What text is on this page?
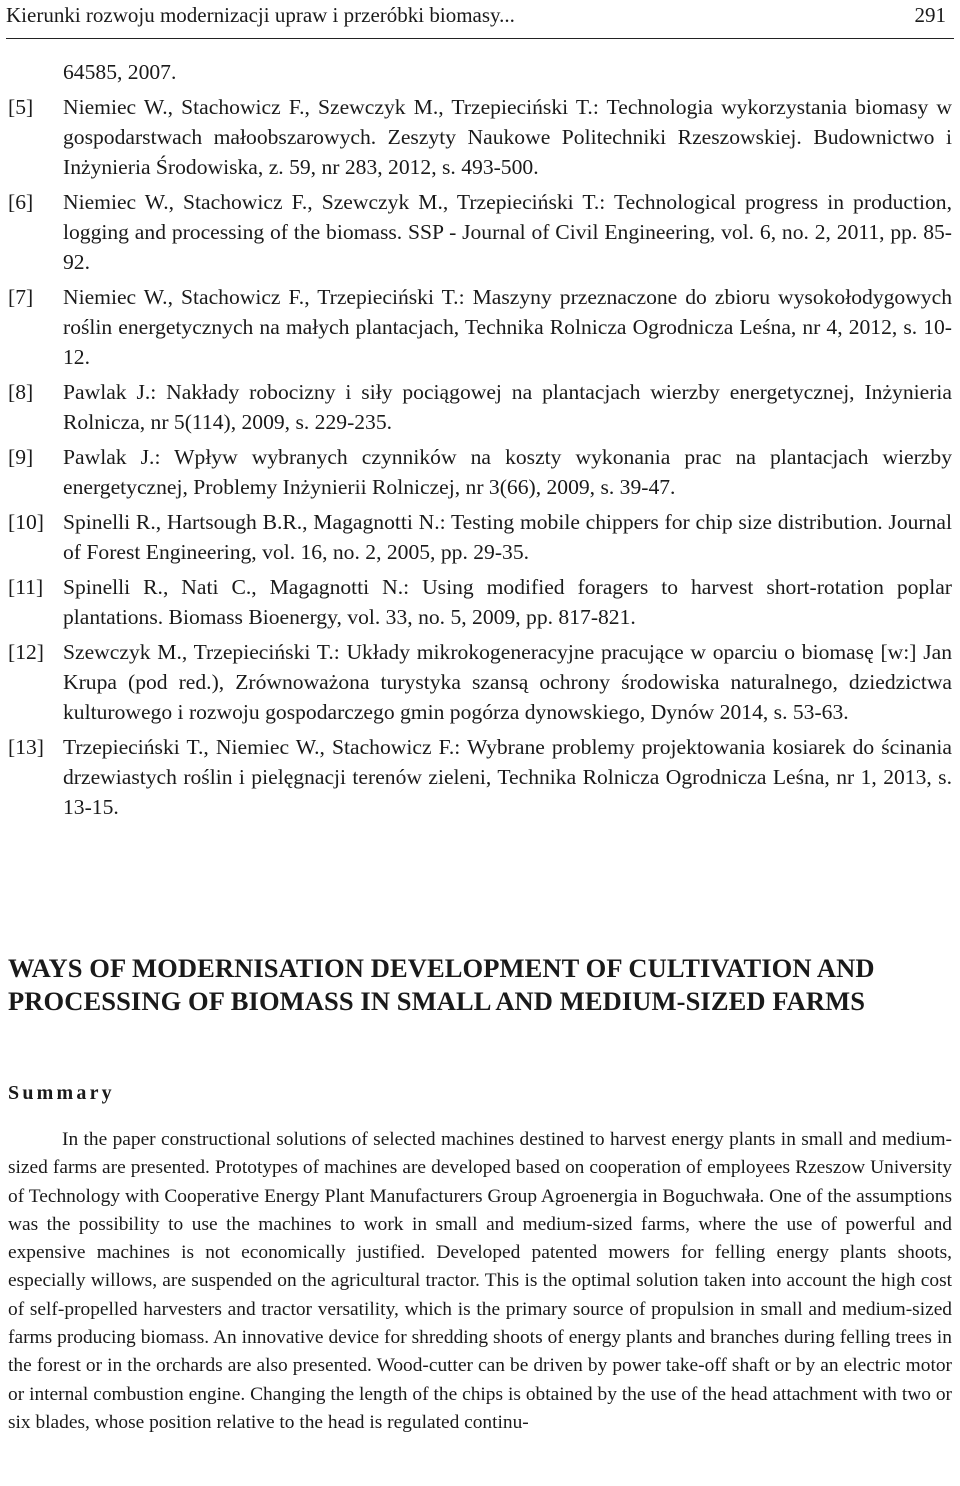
Kierunki rozwoju modernizacji upraw i przeróbki biomasy...	291
64585, 2007.
[5] Niemiec W., Stachowicz F., Szewczyk M., Trzepieciński T.: Technologia wykorzystania biomasy w gospodarstwach małoobszarowych. Zeszyty Naukowe Politechniki Rzeszowskiej. Budownictwo i Inżynieria Środowiska, z. 59, nr 283, 2012, s. 493-500.
[6] Niemiec W., Stachowicz F., Szewczyk M., Trzepieciński T.: Technological progress in production, logging and processing of the biomass. SSP - Journal of Civil Engineering, vol. 6, no. 2, 2011, pp. 85-92.
[7] Niemiec W., Stachowicz F., Trzepieciński T.: Maszyny przeznaczone do zbioru wysokołodygowych roślin energetycznych na małych plantacjach, Technika Rolnicza Ogrodnicza Leśna, nr 4, 2012, s. 10-12.
[8] Pawlak J.: Nakłady robocizny i siły pociągowej na plantacjach wierzby energetycznej, Inżynieria Rolnicza, nr 5(114), 2009, s. 229-235.
[9] Pawlak J.: Wpływ wybranych czynników na koszty wykonania prac na plantacjach wierzby energetycznej, Problemy Inżynierii Rolniczej, nr 3(66), 2009, s. 39-47.
[10] Spinelli R., Hartsough B.R., Magagnotti N.: Testing mobile chippers for chip size distribution. Journal of Forest Engineering, vol. 16, no. 2, 2005, pp. 29-35.
[11] Spinelli R., Nati C., Magagnotti N.: Using modified foragers to harvest short-rotation poplar plantations. Biomass Bioenergy, vol. 33, no. 5, 2009, pp. 817-821.
[12] Szewczyk M., Trzepieciński T.: Układy mikrokogeneracyjne pracujące w oparciu o biomasę [w:] Jan Krupa (pod red.), Zrównoważona turystyka szansą ochrony środowiska naturalnego, dziedzictwa kulturowego i rozwoju gospodarczego gmin pogórza dynowskiego, Dynów 2014, s. 53-63.
[13] Trzepieciński T., Niemiec W., Stachowicz F.: Wybrane problemy projektowania kosiarek do ścinania drzewiastych roślin i pielęgnacji terenów zieleni, Technika Rolnicza Ogrodnicza Leśna, nr 1, 2013, s. 13-15.
WAYS OF MODERNISATION DEVELOPMENT OF CULTIVATION AND PROCESSING OF BIOMASS IN SMALL AND MEDIUM-SIZED FARMS
Summary

In the paper constructional solutions of selected machines destined to harvest energy plants in small and medium-sized farms are presented. Prototypes of machines are developed based on cooperation of employees Rzeszow University of Technology with Cooperative Energy Plant Manufacturers Group Agroenergia in Boguchwała. One of the assumptions was the possibility to use the machines to work in small and medium-sized farms, where the use of powerful and expensive machines is not economically justified. Developed patented mowers for felling energy plants shoots, especially willows, are suspended on the agricultural tractor. This is the optimal solution taken into account the high cost of self-propelled harvesters and tractor versatility, which is the primary source of propulsion in small and medium-sized farms producing biomass. An innovative device for shredding shoots of energy plants and branches during felling trees in the forest or in the orchards are also presented. Wood-cutter can be driven by power take-off shaft or by an electric motor or internal combustion engine. Changing the length of the chips is obtained by the use of the head attachment with two or six blades, whose position relative to the head is regulated continu-
